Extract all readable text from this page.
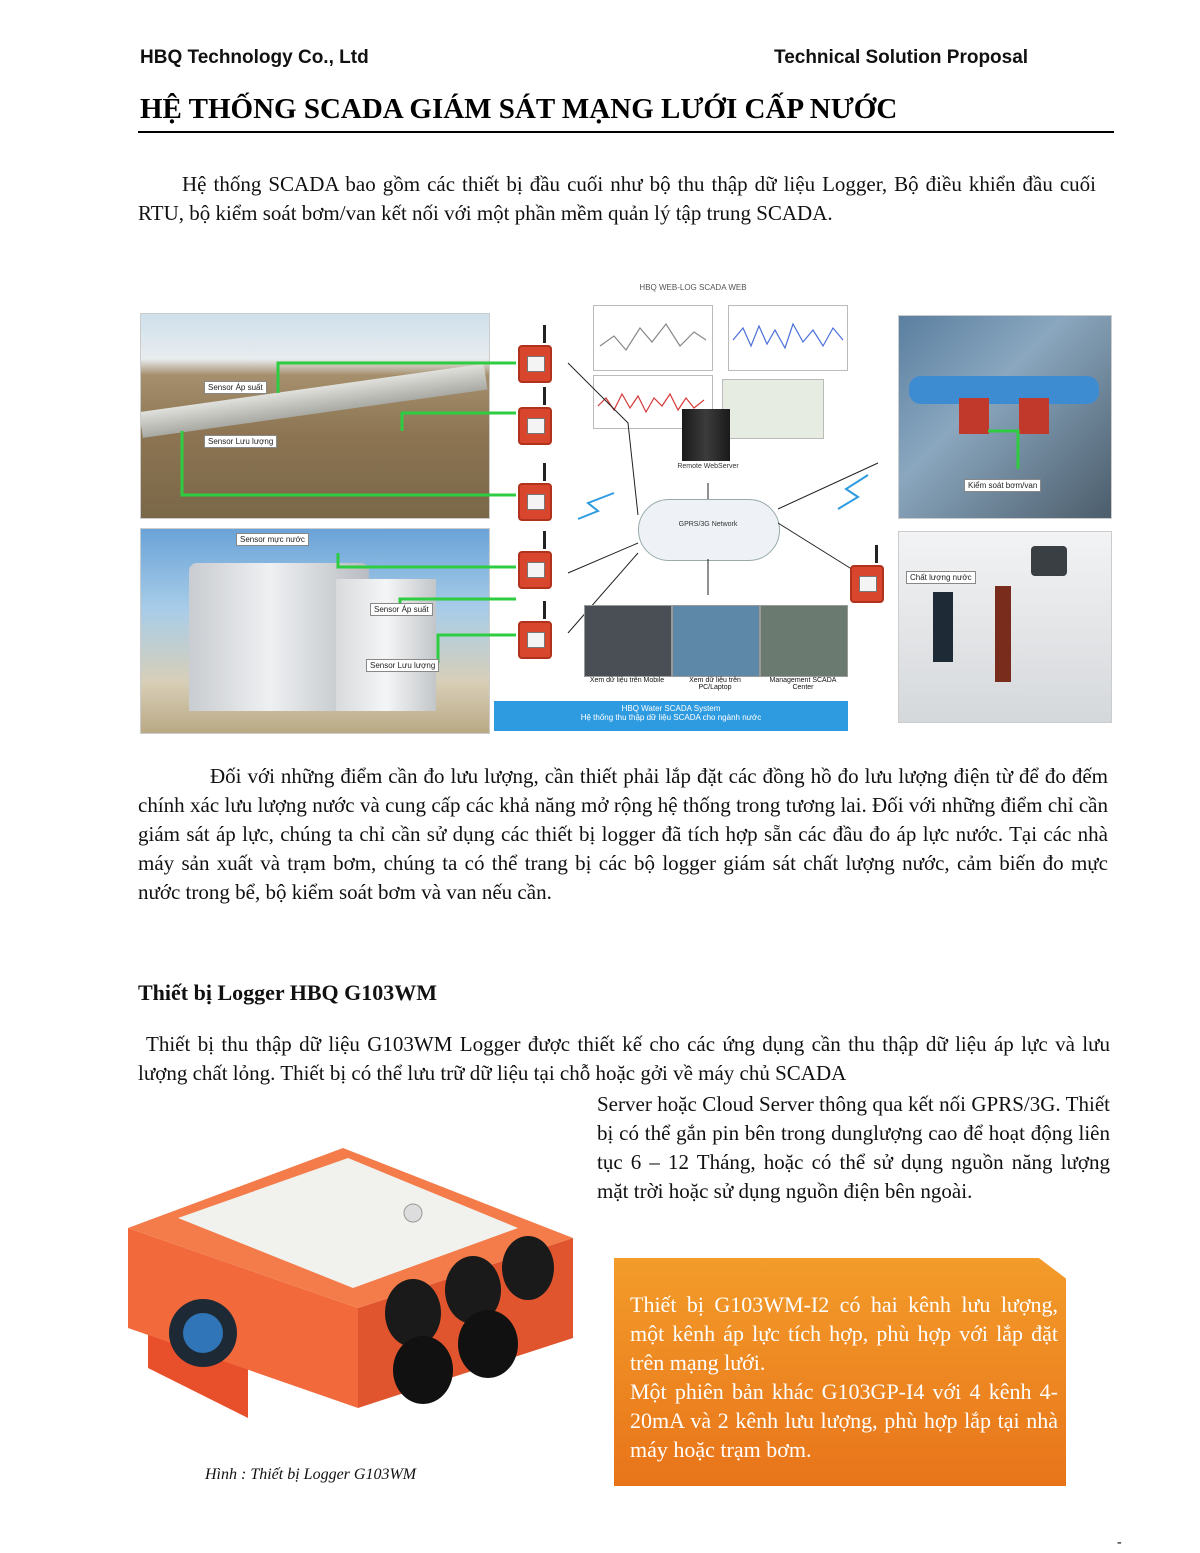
HBQ Technology Co., Ltd	Technical Solution Proposal
HỆ THỐNG SCADA GIÁM SÁT MẠNG LƯỚI CẤP NƯỚC
Hệ thống SCADA bao gồm các thiết bị đầu cuối như bộ thu thập dữ liệu Logger, Bộ điều khiển đầu cuối RTU, bộ kiểm soát bơm/van kết nối với một phần mềm quản lý tập trung SCADA.
HBQ WEB-LOG SCADA WEB
Remote WebServer
GPRS/3G Network
Sensor Áp suất
Sensor Lưu lượng
Sensor mực nước
Sensor Áp suất
Sensor Lưu lượng
Kiểm soát bơm/van
Chất lượng nước
Xem dữ liệu trên Mobile	Xem dữ liệu trên PC/Laptop
Management SCADA Center
HBQ Water SCADA System
Hệ thống thu thập dữ liệu SCADA cho ngành nước
Đối với những điểm cần đo lưu lượng, cần thiết phải lắp đặt các đồng hồ đo lưu lượng điện từ để đo đếm chính xác lưu lượng nước và cung cấp các khả năng mở rộng hệ thống trong tương lai. Đối với những điểm chỉ cần giám sát áp lực, chúng ta chỉ cần sử dụng các thiết bị logger đã tích hợp sẵn các đầu đo áp lực nước. Tại các nhà máy sản xuất và trạm bơm, chúng ta có thể trang bị các bộ logger giám sát chất lượng nước, cảm biến đo mực nước trong bể, bộ kiểm soát bơm và van nếu cần.
Thiết bị Logger HBQ G103WM
Thiết bị thu thập dữ liệu G103WM Logger được thiết kế cho các ứng dụng cần thu thập dữ liệu áp lực và lưu lượng chất lỏng. Thiết bị có thể lưu trữ dữ liệu tại chỗ hoặc gởi về máy chủ SCADA
Server hoặc Cloud Server thông qua kết nối GPRS/3G. Thiết bị có thể gắn pin bên trong dunglượng cao để hoạt động liên tục 6 – 12 Tháng, hoặc có thể sử dụng nguồn năng lượng mặt trời hoặc sử dụng nguồn điện bên ngoài.
Hình : Thiết bị Logger G103WM
Thiết bị G103WM-I2 có hai kênh lưu lượng, một kênh áp lực tích hợp, phù hợp với lắp đặt trên mạng lưới.
Một phiên bản khác G103GP-I4 với 4 kênh 4-20mA và 2 kênh lưu lượng, phù hợp lắp tại nhà máy hoặc trạm bơm.
-
